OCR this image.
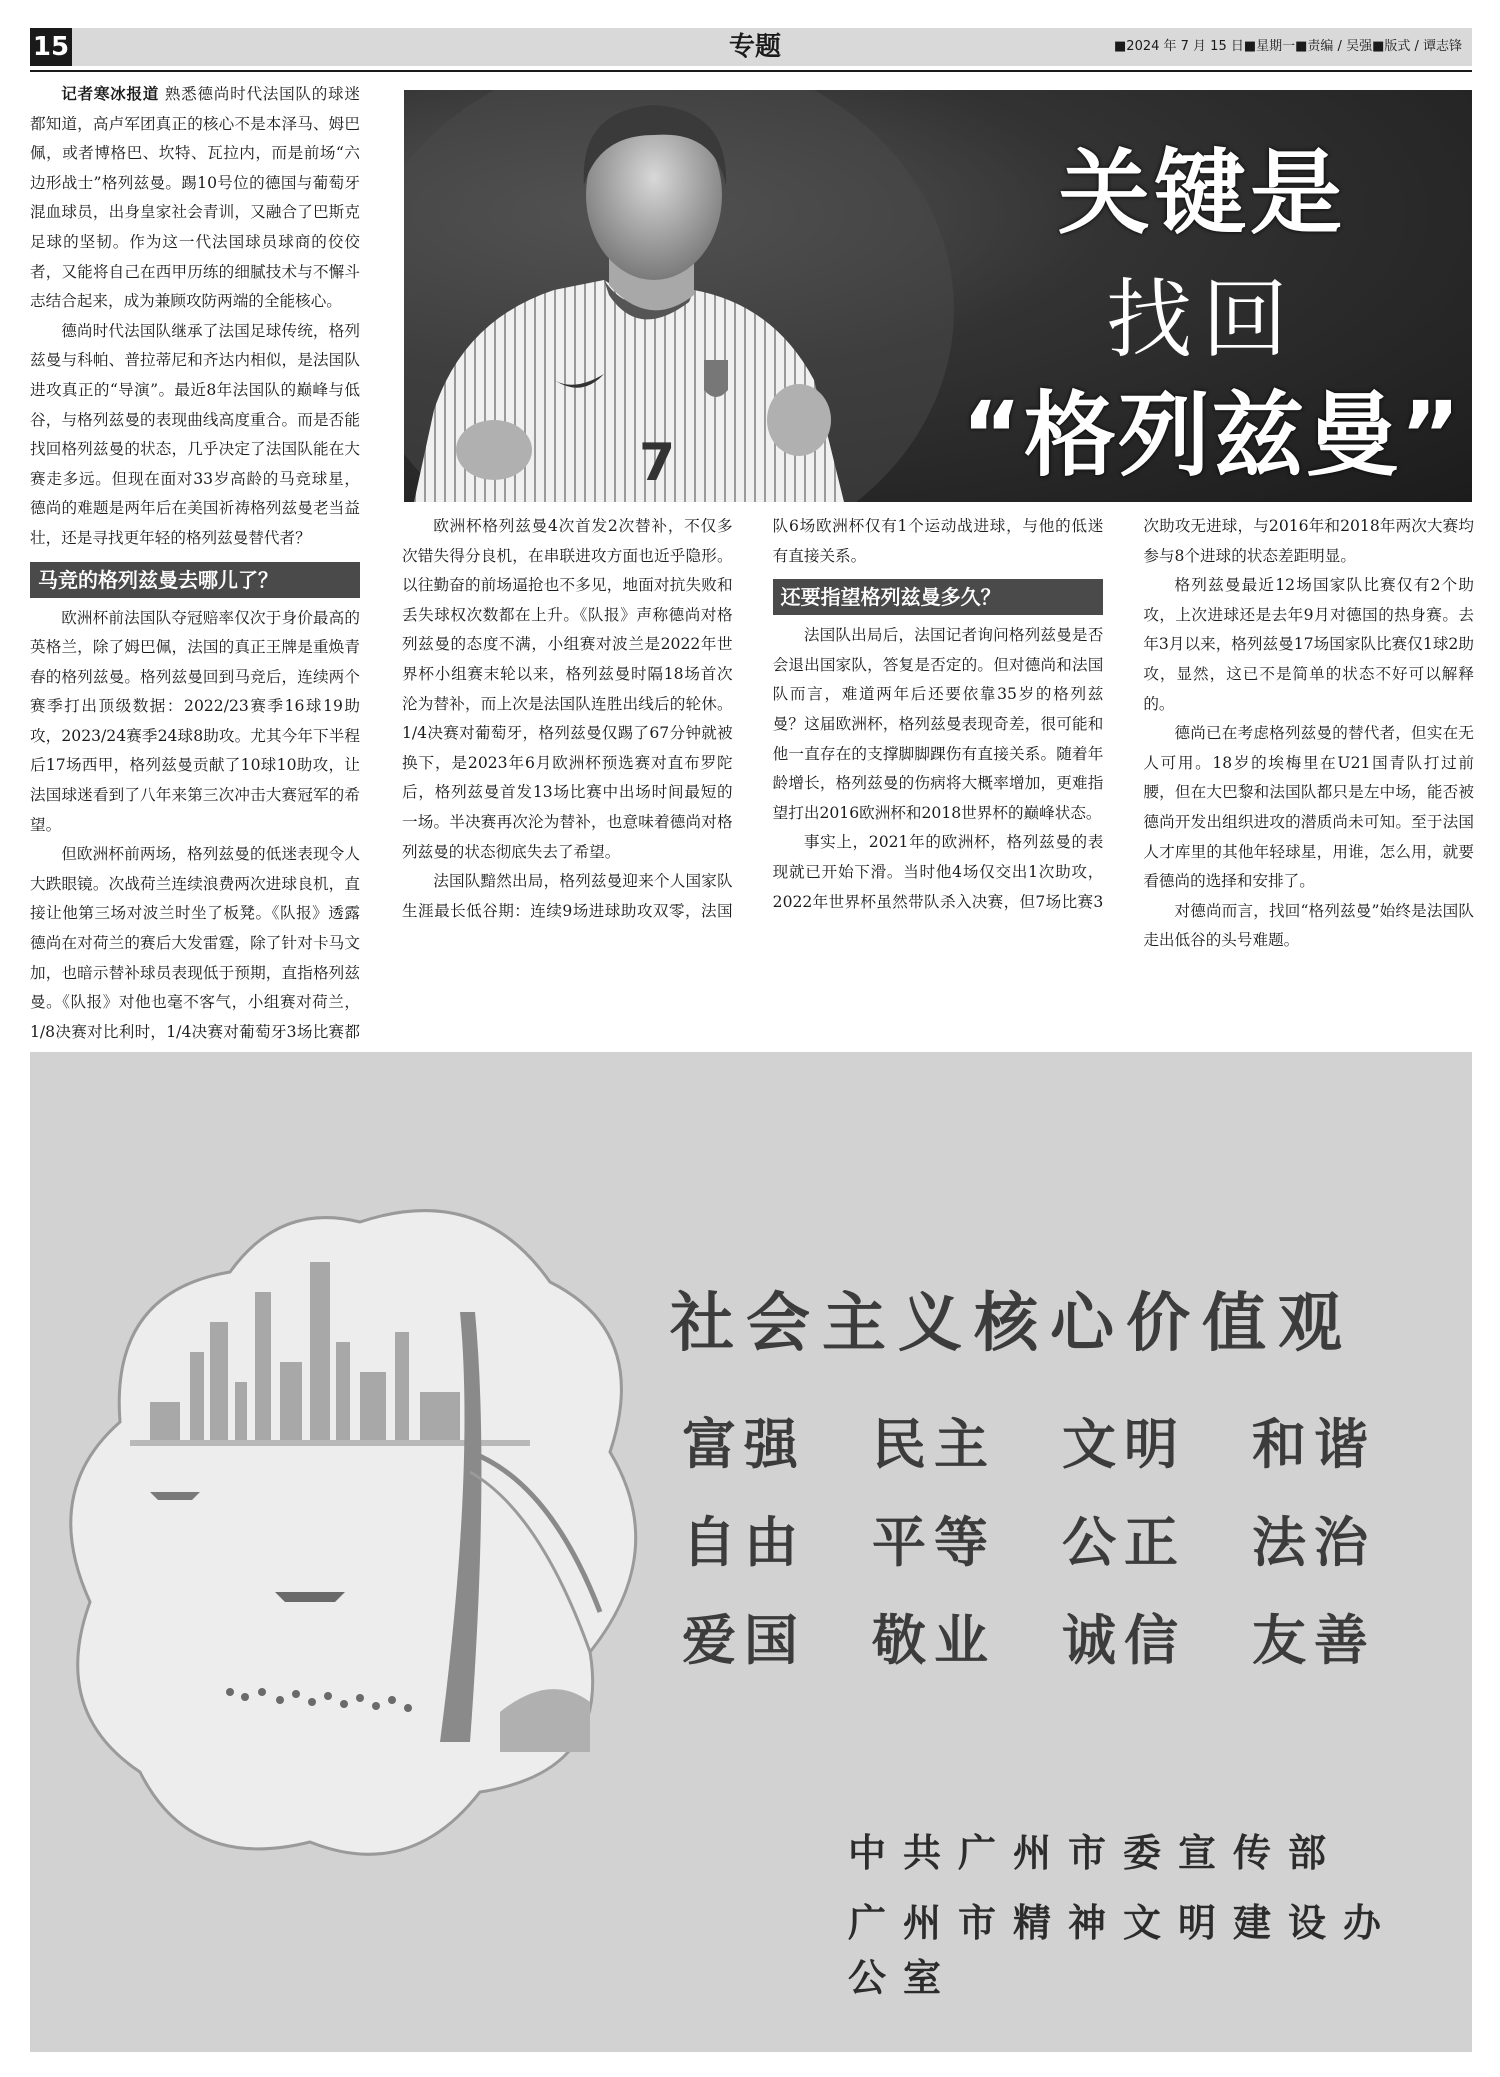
15	专题	■2024 年 7 月 15 日■星期一■责编 / 吴强■版式 / 谭志锋
7
关键是
找回
“格列兹曼”

记者寒冰报道 熟悉德尚时代法国队的球迷都知道，高卢军团真正的核心不是本泽马、姆巴佩，或者博格巴、坎特、瓦拉内，而是前场“六边形战士”格列兹曼。踢10号位的德国与葡萄牙混血球员，出身皇家社会青训，又融合了巴斯克足球的坚韧。作为这一代法国球员球商的佼佼者，又能将自己在西甲历练的细腻技术与不懈斗志结合起来，成为兼顾攻防两端的全能核心。

德尚时代法国队继承了法国足球传统，格列兹曼与科帕、普拉蒂尼和齐达内相似，是法国队进攻真正的“导演”。最近8年法国队的巅峰与低谷，与格列兹曼的表现曲线高度重合。而是否能找回格列兹曼的状态，几乎决定了法国队能在大赛走多远。但现在面对33岁高龄的马竞球星，德尚的难题是两年后在美国祈祷格列兹曼老当益壮，还是寻找更年轻的格列兹曼替代者？

马竞的格列兹曼去哪儿了？

欧洲杯前法国队夺冠赔率仅次于身价最高的英格兰，除了姆巴佩，法国的真正王牌是重焕青春的格列兹曼。格列兹曼回到马竞后，连续两个赛季打出顶级数据：2022/23赛季16球19助攻，2023/24赛季24球8助攻。尤其今年下半程后17场西甲，格列兹曼贡献了10球10助攻，让法国球迷看到了八年来第三次冲击大赛冠军的希望。

但欧洲杯前两场，格列兹曼的低迷表现令人大跌眼镜。次战荷兰连续浪费两次进球良机，直接让他第三场对波兰时坐了板凳。《队报》透露德尚在对荷兰的赛后大发雷霆，除了针对卡马文加，也暗示替补球员表现低于预期，直指格列兹曼。《队报》对他也毫不客气，小组赛对荷兰，1/8决赛对比利时，1/4决赛对葡萄牙3场比赛都

欧洲杯格列兹曼4次首发2次替补，不仅多次错失得分良机，在串联进攻方面也近乎隐形。以往勤奋的前场逼抢也不多见，地面对抗失败和丢失球权次数都在上升。《队报》声称德尚对格列兹曼的态度不满，小组赛对波兰是2022年世界杯小组赛末轮以来，格列兹曼时隔18场首次沦为替补，而上次是法国队连胜出线后的轮休。1/4决赛对葡萄牙，格列兹曼仅踢了67分钟就被换下，是2023年6月欧洲杯预选赛对直布罗陀后，格列兹曼首发13场比赛中出场时间最短的一场。半决赛再次沦为替补，也意味着德尚对格列兹曼的状态彻底失去了希望。

法国队黯然出局，格列兹曼迎来个人国家队生涯最长低谷期：连续9场进球助攻双零，法国队6场欧洲杯仅有1个运动战进球，与他的低迷有直接关系。

还要指望格列兹曼多久？

法国队出局后，法国记者询问格列兹曼是否会退出国家队，答复是否定的。但对德尚和法国队而言，难道两年后还要依靠35岁的格列兹曼？这届欧洲杯，格列兹曼表现奇差，很可能和他一直存在的支撑脚脚踝伤有直接关系。随着年龄增长，格列兹曼的伤病将大概率增加，更难指望打出2016欧洲杯和2018世界杯的巅峰状态。

事实上，2021年的欧洲杯，格列兹曼的表现就已开始下滑。当时他4场仅交出1次助攻，2022年世界杯虽然带队杀入决赛，但7场比赛3次助攻无进球，与2016年和2018年两次大赛均参与8个进球的状态差距明显。

格列兹曼最近12场国家队比赛仅有2个助攻，上次进球还是去年9月对德国的热身赛。去年3月以来，格列兹曼17场国家队比赛仅1球2助攻，显然，这已不是简单的状态不好可以解释的。

德尚已在考虑格列兹曼的替代者，但实在无人可用。18岁的埃梅里在U21国青队打过前腰，但在大巴黎和法国队都只是左中场，能否被德尚开发出组织进攻的潜质尚未可知。至于法国人才库里的其他年轻球星，用谁，怎么用，就要看德尚的选择和安排了。

对德尚而言，找回“格列兹曼”始终是法国队走出低谷的头号难题。

社会主义核心价值观
富强	民主	文明	和谐
自由	平等	公正	法治
爱国	敬业	诚信	友善
中共广州市委宣传部
广州市精神文明建设办公室
